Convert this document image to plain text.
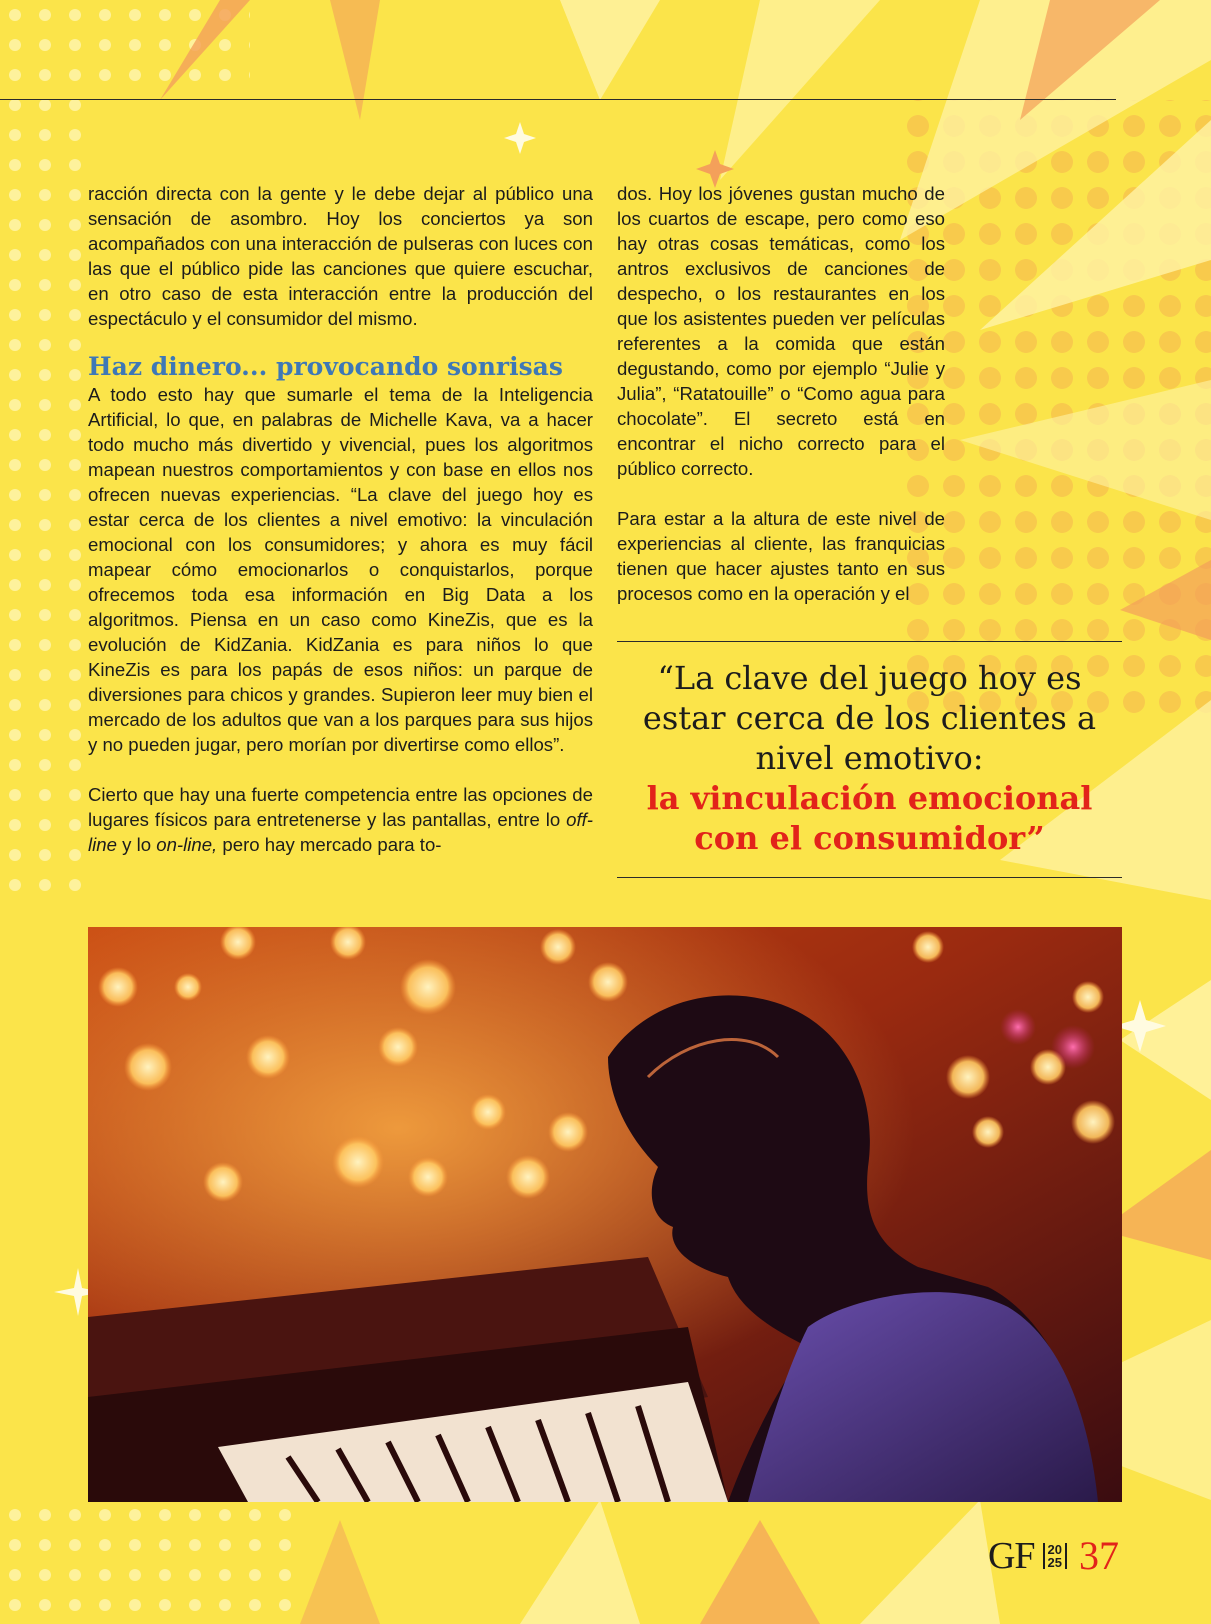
racción directa con la gente y le debe dejar al público una sensación de asombro. Hoy los conciertos ya son acompañados con una interacción de pulseras con luces con las que el público pide las canciones que quiere escuchar, en otro caso de esta interacción entre la producción del espectáculo y el consumidor del mismo.

Haz dinero... provocando sonrisas

A todo esto hay que sumarle el tema de la Inteligencia Artificial, lo que, en palabras de Michelle Kava, va a hacer todo mucho más divertido y vivencial, pues los algoritmos mapean nuestros comportamientos y con base en ellos nos ofrecen nuevas experiencias. “La clave del juego hoy es estar cerca de los clientes a nivel emotivo: la vinculación emocional con los consumidores; y ahora es muy fácil mapear cómo emocionarlos o conquistarlos, porque ofrecemos toda esa información en Big Data a los algoritmos. Piensa en un caso como KineZis, que es la evolución de KidZania. KidZania es para niños lo que KineZis es para los papás de esos niños: un parque de diversiones para chicos y grandes. Supieron leer muy bien el mercado de los adultos que van a los parques para sus hijos y no pueden jugar, pero morían por divertirse como ellos”.

Cierto que hay una fuerte competencia entre las opciones de lugares físicos para entretenerse y las pantallas, entre lo off-line y lo on-line, pero hay mercado para to-

dos. Hoy los jóvenes gustan mucho de los cuartos de escape, pero como eso hay otras cosas temáticas, como los antros exclusivos de canciones de despecho, o los restaurantes en los que los asistentes pueden ver películas referentes a la comida que están degustando, como por ejemplo “Julie y Julia”, “Ratatouille” o “Como agua para chocolate”. El secreto está en encontrar el nicho correcto para el público correcto.

Para estar a la altura de este nivel de experiencias al cliente, las franquicias tienen que hacer ajustes tanto en sus procesos como en la operación y el

“La clave del juego hoy es estar cerca de los clientes a nivel emotivo:
la vinculación emocional con el consumidor”
GF 20
25 37
